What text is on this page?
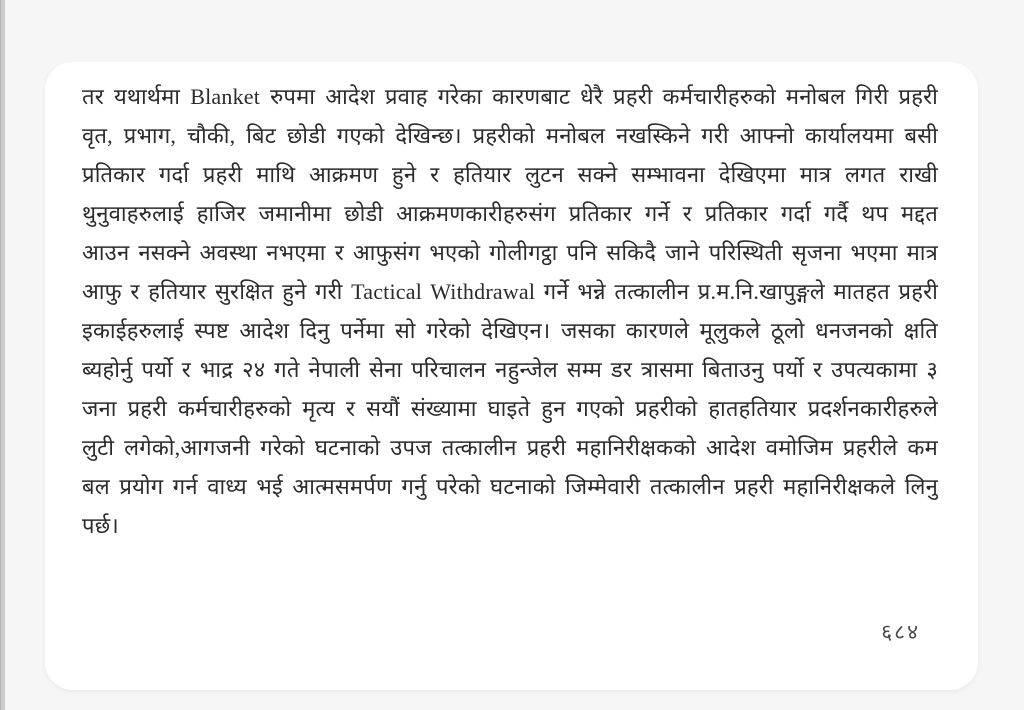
तर यथार्थमा Blanket रुपमा आदेश प्रवाह गरेका कारणबाट धेरै प्रहरी कर्मचारीहरुको मनोबल गिरी प्रहरी
वृत, प्रभाग, चौकी, बिट छोडी गएको देखिन्छ। प्रहरीको मनोबल नखस्किने गरी आफ्नो कार्यालयमा बसी
प्रतिकार गर्दा प्रहरी माथि आक्रमण हुने र हतियार लुटन सक्ने सम्भावना देखिएमा मात्र लगत राखी
थुनुवाहरुलाई हाजिर जमानीमा छोडी आक्रमणकारीहरुसंग प्रतिकार गर्ने र प्रतिकार गर्दा गर्दै थप मद्दत
आउन नसक्ने अवस्था नभएमा र आफुसंग भएको गोलीगट्ठा पनि सकिदै जाने परिस्थिती सृजना भएमा मात्र
आफु र हतियार सुरक्षित हुने गरी Tactical Withdrawal गर्ने भन्ने तत्कालीन प्र.म.नि.खापुङ्गले मातहत प्रहरी
इकाईहरुलाई स्पष्ट आदेश दिनु पर्नेमा सो गरेको देखिएन। जसका कारणले मूलुकले ठूलो धनजनको क्षति
ब्यहोर्नु पर्यो र भाद्र २४ गते नेपाली सेना परिचालन नहुन्जेल सम्म डर त्रासमा बिताउनु पर्यो र उपत्यकामा ३
जना प्रहरी कर्मचारीहरुको मृत्य र सयौं संख्यामा घाइते हुन गएको प्रहरीको हातहतियार प्रदर्शनकारीहरुले
लुटी लगेको,आगजनी गरेको घटनाको उपज तत्कालीन प्रहरी महानिरीक्षकको आदेश वमोजिम प्रहरीले कम
बल प्रयोग गर्न वाध्य भई आत्मसमर्पण गर्नु परेको घटनाको जिम्मेवारी तत्कालीन प्रहरी महानिरीक्षकले लिनु
पर्छ।
६८४
